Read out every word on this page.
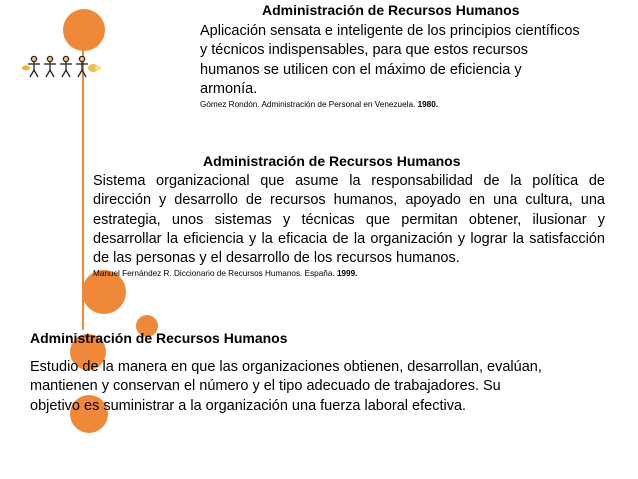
Administración de Recursos Humanos
Aplicación sensata e inteligente de los principios científicos
y técnicos indispensables, para que estos recursos
humanos se utilicen con el máximo de eficiencia y
armonía.
Gómez Rondón. Administración de Personal en Venezuela. 1980.
Administración de Recursos Humanos
Sistema organizacional que asume la responsabilidad de la política de dirección y desarrollo de recursos humanos, apoyado en una cultura, una estrategia, unos sistemas y técnicas que permitan obtener, ilusionar y desarrollar la eficiencia y la eficacia de la organización y lograr la satisfacción de las personas y el desarrollo de los recursos humanos.
Manuel Fernández R. Diccionario de Recursos Humanos. España. 1999.
Administración de Recursos Humanos
Estudio de la manera en que las organizaciones obtienen, desarrollan, evalúan,
mantienen y conservan el número y el tipo adecuado de trabajadores. Su
objetivo es suministrar a la organización una fuerza laboral efectiva.
